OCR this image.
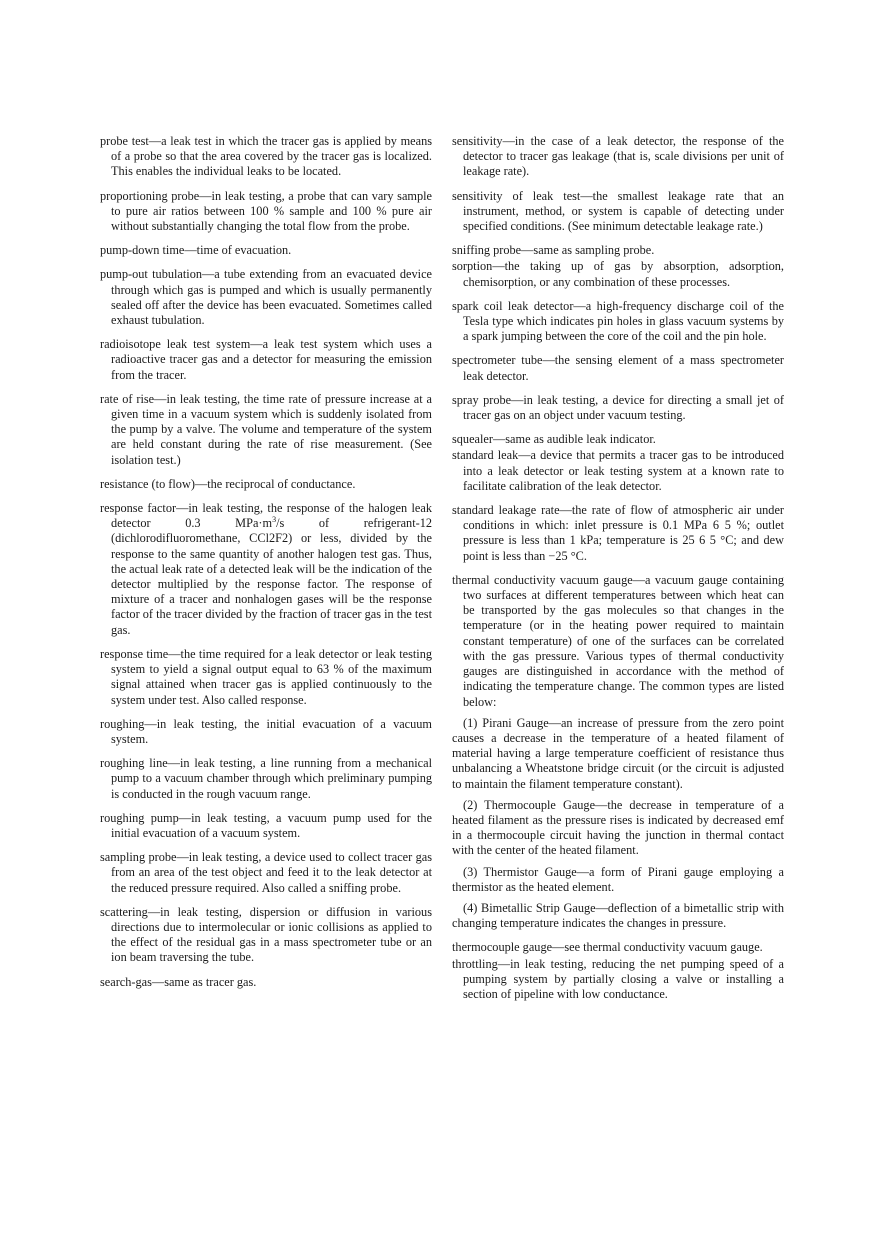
probe test—a leak test in which the tracer gas is applied by means of a probe so that the area covered by the tracer gas is localized. This enables the individual leaks to be located.

proportioning probe—in leak testing, a probe that can vary sample to pure air ratios between 100 % sample and 100 % pure air without substantially changing the total flow from the probe.

pump-down time—time of evacuation.

pump-out tubulation—a tube extending from an evacuated device through which gas is pumped and which is usually permanently sealed off after the device has been evacuated. Sometimes called exhaust tubulation.

radioisotope leak test system—a leak test system which uses a radioactive tracer gas and a detector for measuring the emission from the tracer.

rate of rise—in leak testing, the time rate of pressure increase at a given time in a vacuum system which is suddenly isolated from the pump by a valve. The volume and temperature of the system are held constant during the rate of rise measurement. (See isolation test.)

resistance (to flow)—the reciprocal of conductance.

response factor—in leak testing, the response of the halogen leak detector 0.3 $MPa\cdot m^3/s$ of refrigerant-12 (dichlorodifluoromethane, CCl2F2) or less, divided by the response to the same quantity of another halogen test gas. Thus, the actual leak rate of a detected leak will be the indication of the detector multiplied by the response factor. The response of mixture of a tracer and nonhalogen gases will be the response factor of the tracer divided by the fraction of tracer gas in the test gas.

response time—the time required for a leak detector or leak testing system to yield a signal output equal to 63 % of the maximum signal attained when tracer gas is applied continuously to the system under test. Also called response.

roughing—in leak testing, the initial evacuation of a vacuum system.

roughing line—in leak testing, a line running from a mechanical pump to a vacuum chamber through which preliminary pumping is conducted in the rough vacuum range.

roughing pump—in leak testing, a vacuum pump used for the initial evacuation of a vacuum system.

sampling probe—in leak testing, a device used to collect tracer gas from an area of the test object and feed it to the leak detector at the reduced pressure required. Also called a sniffing probe.

scattering—in leak testing, dispersion or diffusion in various directions due to intermolecular or ionic collisions as applied to the effect of the residual gas in a mass spectrometer tube or an ion beam traversing the tube.

search-gas—same as tracer gas.

sensitivity—in the case of a leak detector, the response of the detector to tracer gas leakage (that is, scale divisions per unit of leakage rate).

sensitivity of leak test—the smallest leakage rate that an instrument, method, or system is capable of detecting under specified conditions. (See minimum detectable leakage rate.)

sniffing probe—same as sampling probe.

sorption—the taking up of gas by absorption, adsorption, chemisorption, or any combination of these processes.

spark coil leak detector—a high-frequency discharge coil of the Tesla type which indicates pin holes in glass vacuum systems by a spark jumping between the core of the coil and the pin hole.

spectrometer tube—the sensing element of a mass spectrometer leak detector.

spray probe—in leak testing, a device for directing a small jet of tracer gas on an object under vacuum testing.

squealer—same as audible leak indicator.

standard leak—a device that permits a tracer gas to be introduced into a leak detector or leak testing system at a known rate to facilitate calibration of the leak detector.

standard leakage rate—the rate of flow of atmospheric air under conditions in which: inlet pressure is 0.1 MPa 6 5 %; outlet pressure is less than 1 kPa; temperature is 25 6 5 °C; and dew point is less than −25 °C.

thermal conductivity vacuum gauge—a vacuum gauge containing two surfaces at different temperatures between which heat can be transported by the gas molecules so that changes in the temperature (or in the heating power required to maintain constant temperature) of one of the surfaces can be correlated with the gas pressure. Various types of thermal conductivity gauges are distinguished in accordance with the method of indicating the temperature change. The common types are listed below:

(1) Pirani Gauge—an increase of pressure from the zero point causes a decrease in the temperature of a heated filament of material having a large temperature coefficient of resistance thus unbalancing a Wheatstone bridge circuit (or the circuit is adjusted to maintain the filament temperature constant).

(2) Thermocouple Gauge—the decrease in temperature of a heated filament as the pressure rises is indicated by decreased emf in a thermocouple circuit having the junction in thermal contact with the center of the heated filament.

(3) Thermistor Gauge—a form of Pirani gauge employing a thermistor as the heated element.

(4) Bimetallic Strip Gauge—deflection of a bimetallic strip with changing temperature indicates the changes in pressure.

thermocouple gauge—see thermal conductivity vacuum gauge.

throttling—in leak testing, reducing the net pumping speed of a pumping system by partially closing a valve or installing a section of pipeline with low conductance.
